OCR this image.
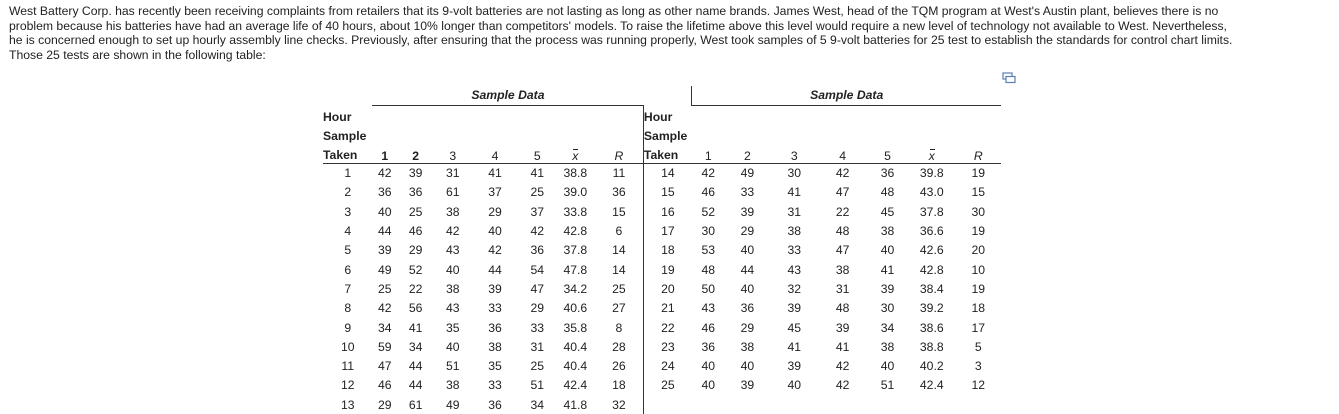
West Battery Corp. has recently been receiving complaints from retailers that its 9-volt batteries are not lasting as long as other name brands. James West, head of the TQM program at West's Austin plant, believes there is no
problem because his batteries have had an average life of 40 hours, about 10% longer than competitors' models. To raise the lifetime above this level would require a new level of technology not available to West. Nevertheless,
he is concerned enough to set up hourly assembly line checks. Previously, after ensuring that the process was running properly, West took samples of 5 9-volt batteries for 25 test to establish the standards for control chart limits.
Those 25 tests are shown in the following table:
	Sample Data								Sample Data						
Hour								Hour							
Sample								Sample							
Taken	1	2	3	4	5	x	R	Taken	1	2	3	4	5	x	R
1	42	39	31	41	41	38.8	11	14	42	49	30	42	36	39.8	19
2	36	36	61	37	25	39.0	36	15	46	33	41	47	48	43.0	15
3	40	25	38	29	37	33.8	15	16	52	39	31	22	45	37.8	30
4	44	46	42	40	42	42.8	6	17	30	29	38	48	38	36.6	19
5	39	29	43	42	36	37.8	14	18	53	40	33	47	40	42.6	20
6	49	52	40	44	54	47.8	14	19	48	44	43	38	41	42.8	10
7	25	22	38	39	47	34.2	25	20	50	40	32	31	39	38.4	19
8	42	56	43	33	29	40.6	27	21	43	36	39	48	30	39.2	18
9	34	41	35	36	33	35.8	8	22	46	29	45	39	34	38.6	17
10	59	34	40	38	31	40.4	28	23	36	38	41	41	38	38.8	5
11	47	44	51	35	25	40.4	26	24	40	40	39	42	40	40.2	3
12	46	44	38	33	51	42.4	18	25	40	39	40	42	51	42.4	12
13	29	61	49	36	34	41.8	32								
